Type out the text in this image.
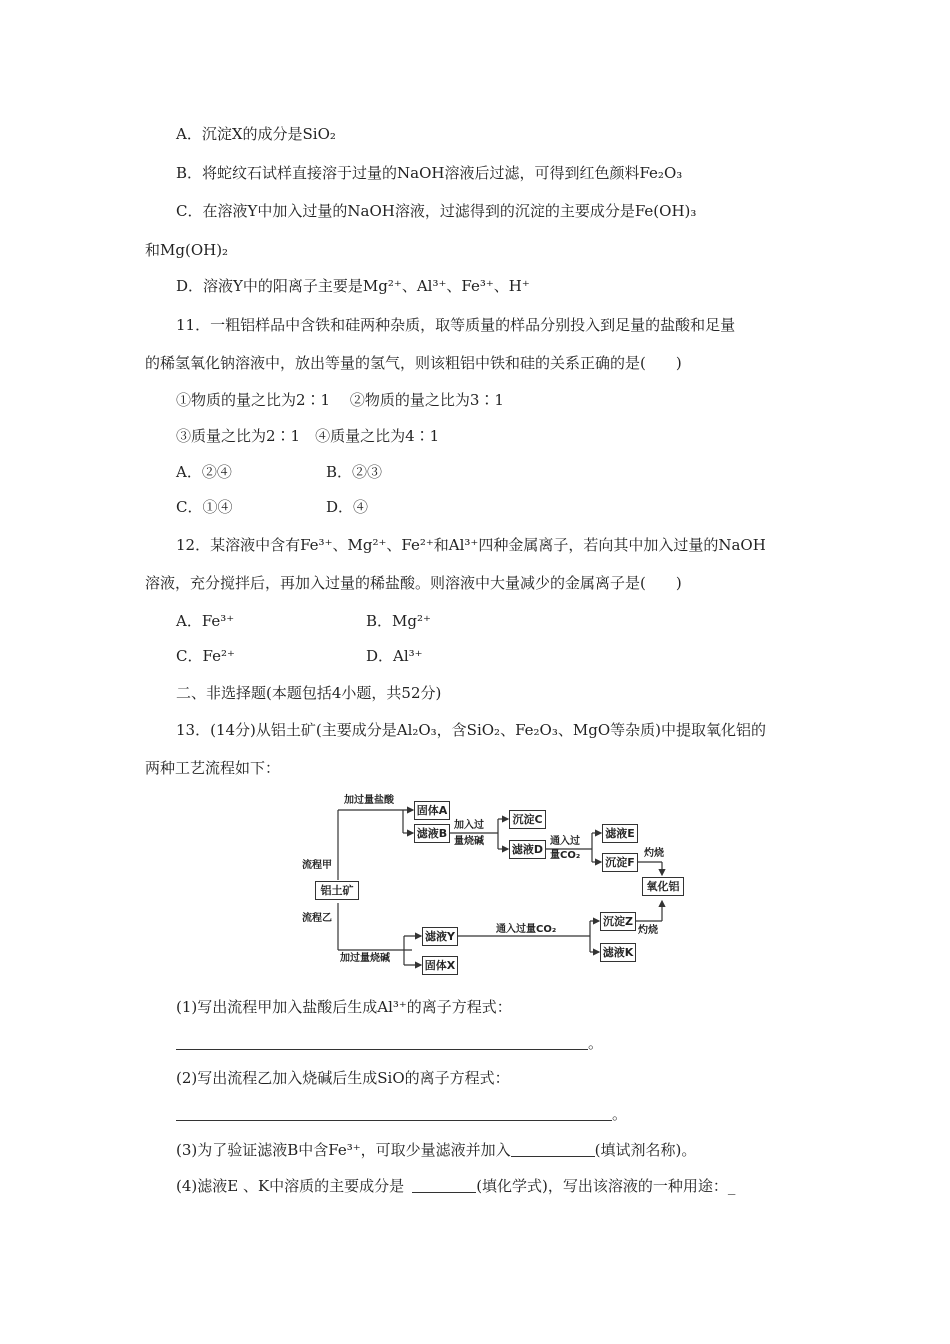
A．沉淀X的成分是SiO₂
B．将蛇纹石试样直接溶于过量的NaOH溶液后过滤，可得到红色颜料Fe₂O₃
C．在溶液Y中加入过量的NaOH溶液，过滤得到的沉淀的主要成分是Fe(OH)₃
和Mg(OH)₂
D．溶液Y中的阳离子主要是Mg²⁺、Al³⁺、Fe³⁺、H⁺
11．一粗铝样品中含铁和硅两种杂质，取等质量的样品分别投入到足量的盐酸和足量
的稀氢氧化钠溶液中，放出等量的氢气，则该粗铝中铁和硅的关系正确的是(　　)
①物质的量之比为2∶1　 ②物质的量之比为3∶1
③质量之比为2∶1　④质量之比为4∶1
A．②④	B．②③
C．①④	D．④
12．某溶液中含有Fe³⁺、Mg²⁺、Fe²⁺和Al³⁺四种金属离子，若向其中加入过量的NaOH
溶液，充分搅拌后，再加入过量的稀盐酸。则溶液中大量减少的金属离子是(　　)
A．Fe³⁺	B．Mg²⁺
C．Fe²⁺	D．Al³⁺
二、非选择题(本题包括4小题，共52分)
13．(14分)从铝土矿(主要成分是Al₂O₃，含SiO₂、Fe₂O₃、MgO等杂质)中提取氧化铝的
两种工艺流程如下：
流程甲
流程乙
铝土矿
加过量盐酸
固体A
滤液B
加入过
量烧碱
沉淀C
滤液D
通入过
量CO₂
滤液E
沉淀F
灼烧
氧化铝
滤液Y
固体X
加过量烧碱
通入过量CO₂
沉淀Z
滤液K
灼烧
(1)写出流程甲加入盐酸后生成Al³⁺的离子方程式：
。
(2)写出流程乙加入烧碱后生成SiO的离子方程式：
。
(3)为了验证滤液B中含Fe³⁺，可取少量滤液并加入	(填试剂名称)。
(4)滤液E 、K中溶质的主要成分是	(填化学式)，写出该溶液的一种用途：_
